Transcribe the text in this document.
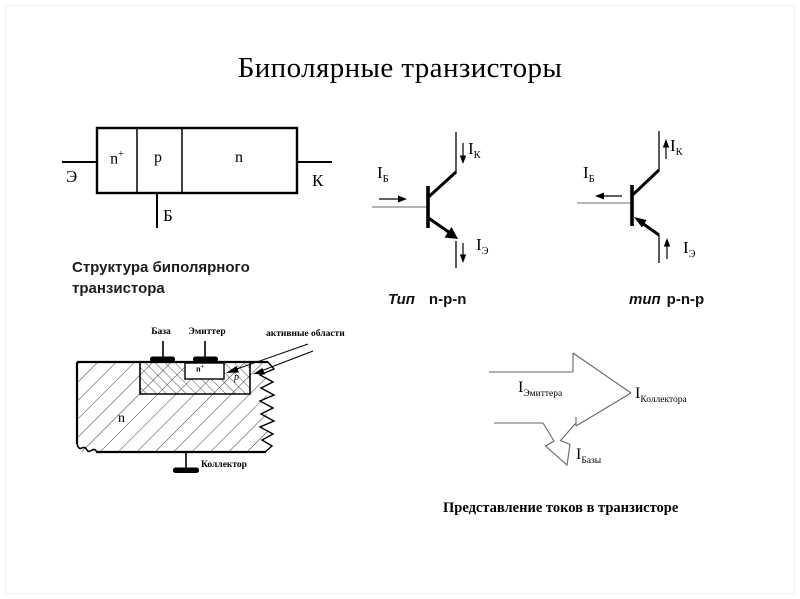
Биполярные транзисторы
n+ p	n
Э	К
Б
Структура биполярного
транзистора
$I_Б$
$I_К$
$I_Э$
Тип n-p-n
$I_Б$
$I_К$
$I_Э$
тип p-n-p
База Эмиттер	активные области
Коллектор
n+
p
n
$I_{Эмиттера}$	$I_{Коллектора}$
$I_{Базы}$
Представление токов в транзисторе
